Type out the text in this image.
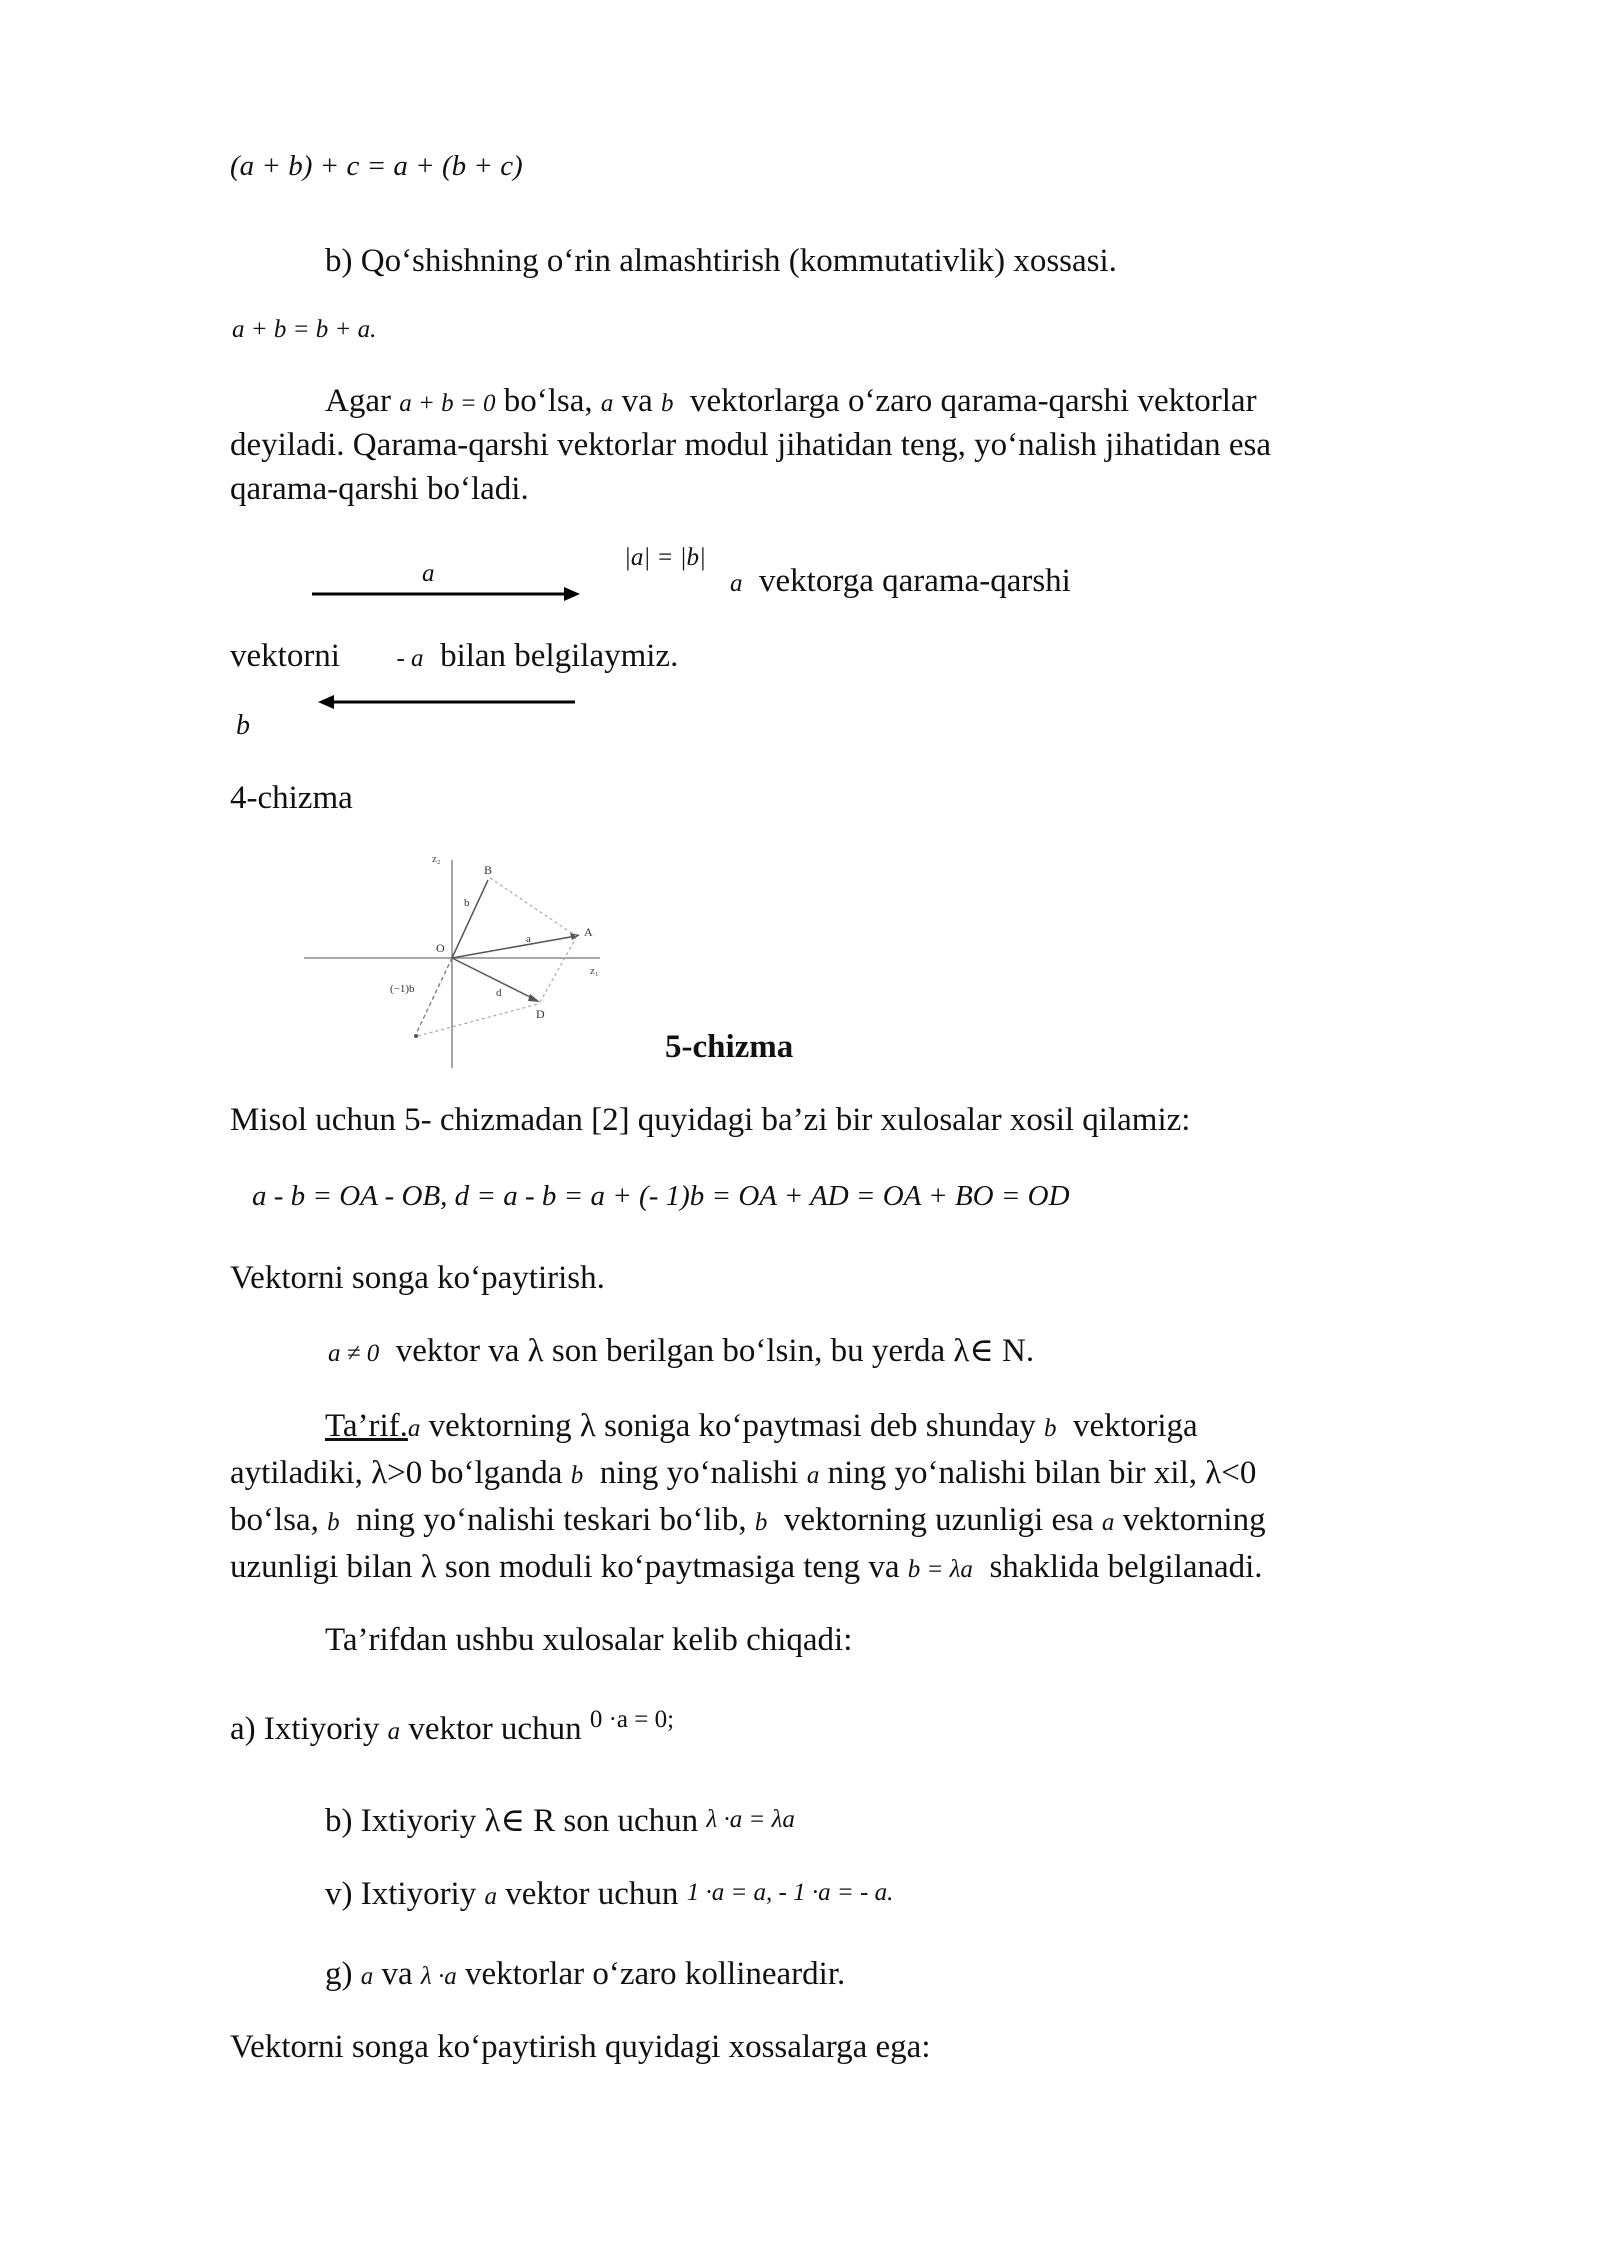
(a + b) + c = a + (b + c)
b) Qo‘shishning o‘rin almashtirish (kommutativlik) xossasi.
a + b = b + a.
Agar a + b = 0 bo‘lsa, a va b vektorlarga o‘zaro qarama-qarshi vektorlar
deyiladi. Qarama-qarshi vektorlar modul jihatidan teng, yo‘nalish jihatidan esa
qarama-qarshi bo‘ladi.
a
b
|a| = |b|
a vektorga qarama-qarshi
vektorni - a bilan belgilaymiz.
4-chizma
z₂
z₁
O
A
B
D
a
b
d
(−1)b
5-chizma
Misol uchun 5- chizmadan [2] quyidagi ba’zi bir xulosalar xosil qilamiz:
a - b = OA - OB, d = a - b = a + (- 1)b = OA + AD = OA + BO = OD
Vektorni songa ko‘paytirish.
a ≠ 0 vektor va λ son berilgan bo‘lsin, bu yerda λ∈ N.
Ta’rif.a vektorning λ soniga ko‘paytmasi deb shunday b vektoriga
aytiladiki, λ>0 bo‘lganda b ning yo‘nalishi a ning yo‘nalishi bilan bir xil, λ<0
bo‘lsa, b ning yo‘nalishi teskari bo‘lib, b vektorning uzunligi esa a vektorning
uzunligi bilan λ son moduli ko‘paytmasiga teng va b = λa shaklida belgilanadi.
Ta’rifdan ushbu xulosalar kelib chiqadi:
a) Ixtiyoriy a vektor uchun $^{0 \cdot a = 0;}$
b) Ixtiyoriy λ∈ R son uchun λ ·a = λa
v) Ixtiyoriy a vektor uchun 1 ·a = a, - 1 ·a = - a.
g) a va λ ·a vektorlar o‘zaro kollineardir.
Vektorni songa ko‘paytirish quyidagi xossalarga ega:
